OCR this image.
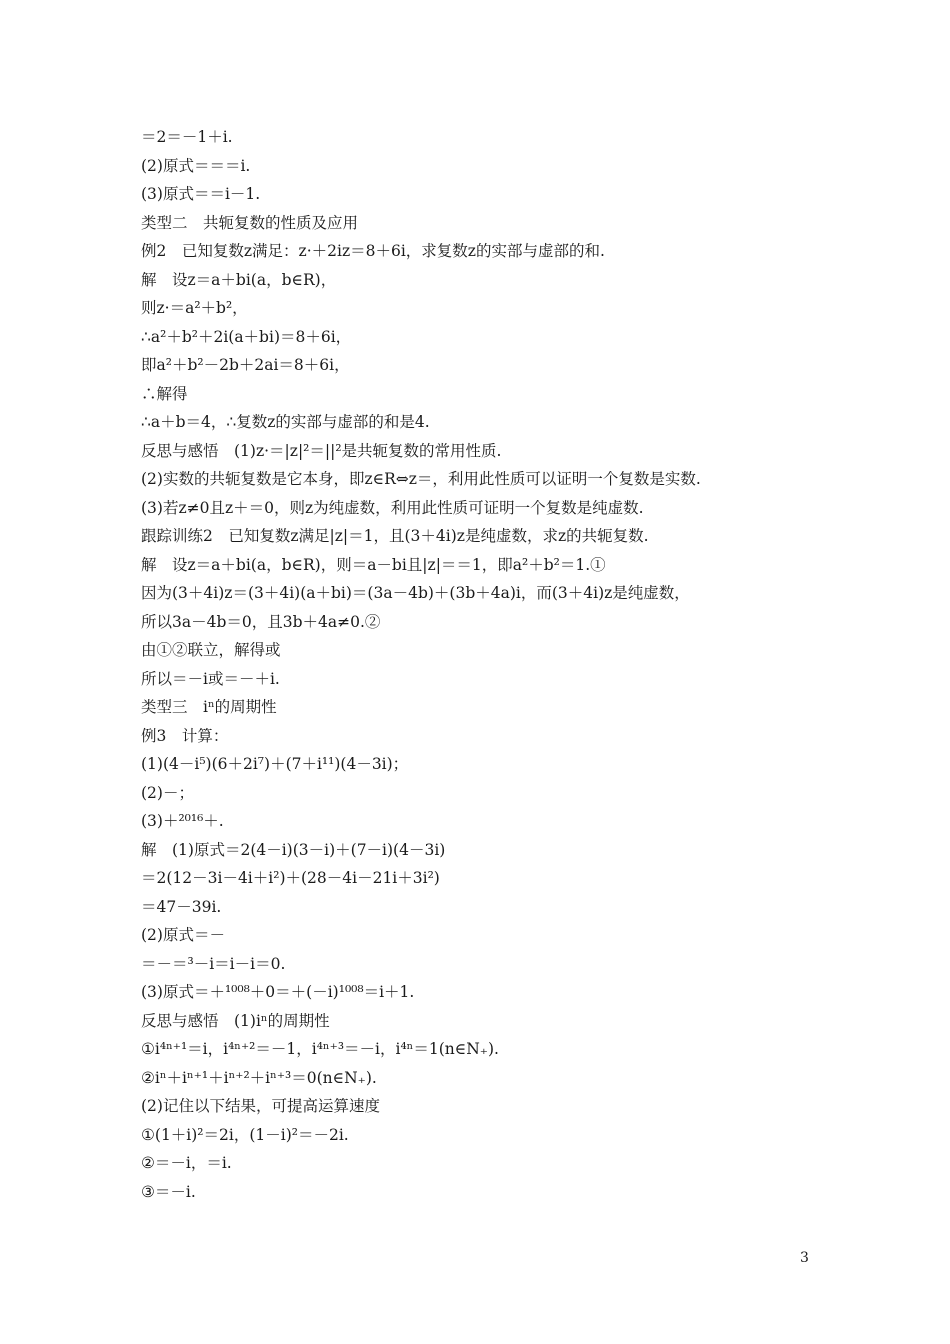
＝2＝－1＋i.

(2)原式＝＝＝i.

(3)原式＝＝i－1.

类型二　共轭复数的性质及应用

例2　已知复数z满足：z·＋2iz＝8＋6i，求复数z的实部与虚部的和.

解　设z＝a＋bi(a，b∈R)，

则z·＝a²＋b²，

∴a²＋b²＋2i(a＋bi)＝8＋6i，

即a²＋b²－2b＋2ai＝8＋6i，

∴解得

∴a＋b＝4，∴复数z的实部与虚部的和是4.

反思与感悟　(1)z·＝|z|²＝||²是共轭复数的常用性质.

(2)实数的共轭复数是它本身，即z∈R⇔z＝，利用此性质可以证明一个复数是实数.

(3)若z≠0且z＋＝0，则z为纯虚数，利用此性质可证明一个复数是纯虚数.

跟踪训练2　已知复数z满足|z|＝1，且(3＋4i)z是纯虚数，求z的共轭复数.

解　设z＝a＋bi(a，b∈R)，则＝a－bi且|z|＝＝1，即a²＋b²＝1.①

因为(3＋4i)z＝(3＋4i)(a＋bi)＝(3a－4b)＋(3b＋4a)i，而(3＋4i)z是纯虚数，

所以3a－4b＝0，且3b＋4a≠0.②

由①②联立，解得或

所以＝－i或＝－＋i.

类型三　iⁿ的周期性

例3　计算：

(1)(4－i⁵)(6＋2i⁷)＋(7＋i¹¹)(4－3i)；

(2)－；

(3)＋²⁰¹⁶＋.

解　(1)原式＝2(4－i)(3－i)＋(7－i)(4－3i)

＝2(12－3i－4i＋i²)＋(28－4i－21i＋3i²)

＝47－39i.

(2)原式＝－

＝－＝³－i＝i－i＝0.

(3)原式＝＋¹⁰⁰⁸＋0＝＋(－i)¹⁰⁰⁸＝i＋1.

反思与感悟　(1)iⁿ的周期性

①i⁴ⁿ⁺¹＝i，i⁴ⁿ⁺²＝－1，i⁴ⁿ⁺³＝－i，i⁴ⁿ＝1(n∈N₊).

②iⁿ＋iⁿ⁺¹＋iⁿ⁺²＋iⁿ⁺³＝0(n∈N₊).

(2)记住以下结果，可提高运算速度

①(1＋i)²＝2i，(1－i)²＝－2i.

②＝－i，＝i.

③＝－i.

3
